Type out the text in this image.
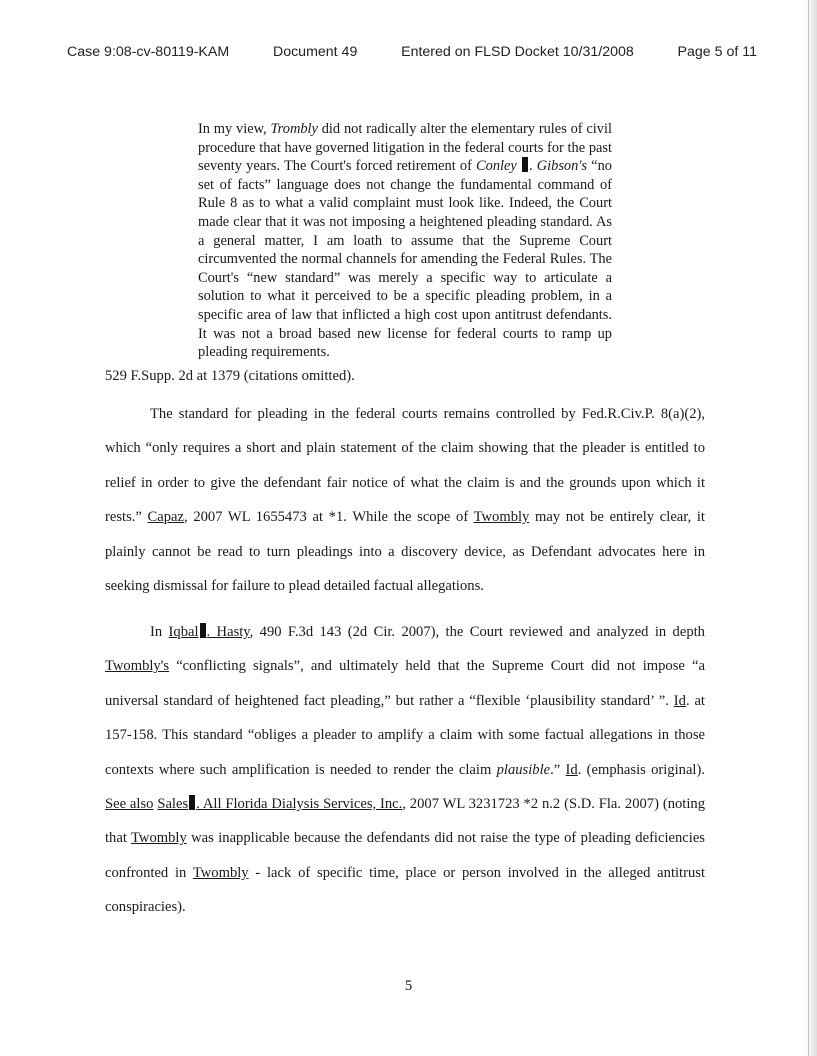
Case 9:08-cv-80119-KAM	Document 49	Entered on FLSD Docket 10/31/2008	Page 5 of 11

In my view, Trombly did not radically alter the elementary rules of civil procedure that have governed litigation in the federal courts for the past seventy years. The Court's forced retirement of Conley . Gibson's “no set of facts” language does not change the fundamental command of Rule 8 as to what a valid complaint must look like. Indeed, the Court made clear that it was not imposing a heightened pleading standard. As a general matter, I am loath to assume that the Supreme Court circumvented the normal channels for amending the Federal Rules. The Court's “new standard” was merely a specific way to articulate a solution to what it perceived to be a specific pleading problem, in a specific area of law that inflicted a high cost upon antitrust defendants. It was not a broad based new license for federal courts to ramp up pleading requirements.

529 F.Supp. 2d at 1379 (citations omitted).

The standard for pleading in the federal courts remains controlled by Fed.R.Civ.P. 8(a)(2), which “only requires a short and plain statement of the claim showing that the pleader is entitled to relief in order to give the defendant fair notice of what the claim is and the grounds upon which it rests.” Capaz, 2007 WL 1655473 at *1. While the scope of Twombly may not be entirely clear, it plainly cannot be read to turn pleadings into a discovery device, as Defendant advocates here in seeking dismissal for failure to plead detailed factual allegations.

In Iqbal . Hasty, 490 F.3d 143 (2d Cir. 2007), the Court reviewed and analyzed in depth Twombly's “conflicting signals”, and ultimately held that the Supreme Court did not impose “a universal standard of heightened fact pleading,” but rather a “flexible ‘plausibility standard’ ”. Id. at 157-158. This standard “obliges a pleader to amplify a claim with some factual allegations in those contexts where such amplification is needed to render the claim plausible.” Id. (emphasis original). See also Sales . All Florida Dialysis Services, Inc., 2007 WL 3231723 *2 n.2 (S.D. Fla. 2007) (noting that Twombly was inapplicable because the defendants did not raise the type of pleading deficiencies confronted in Twombly - lack of specific time, place or person involved in the alleged antitrust conspiracies).

5
